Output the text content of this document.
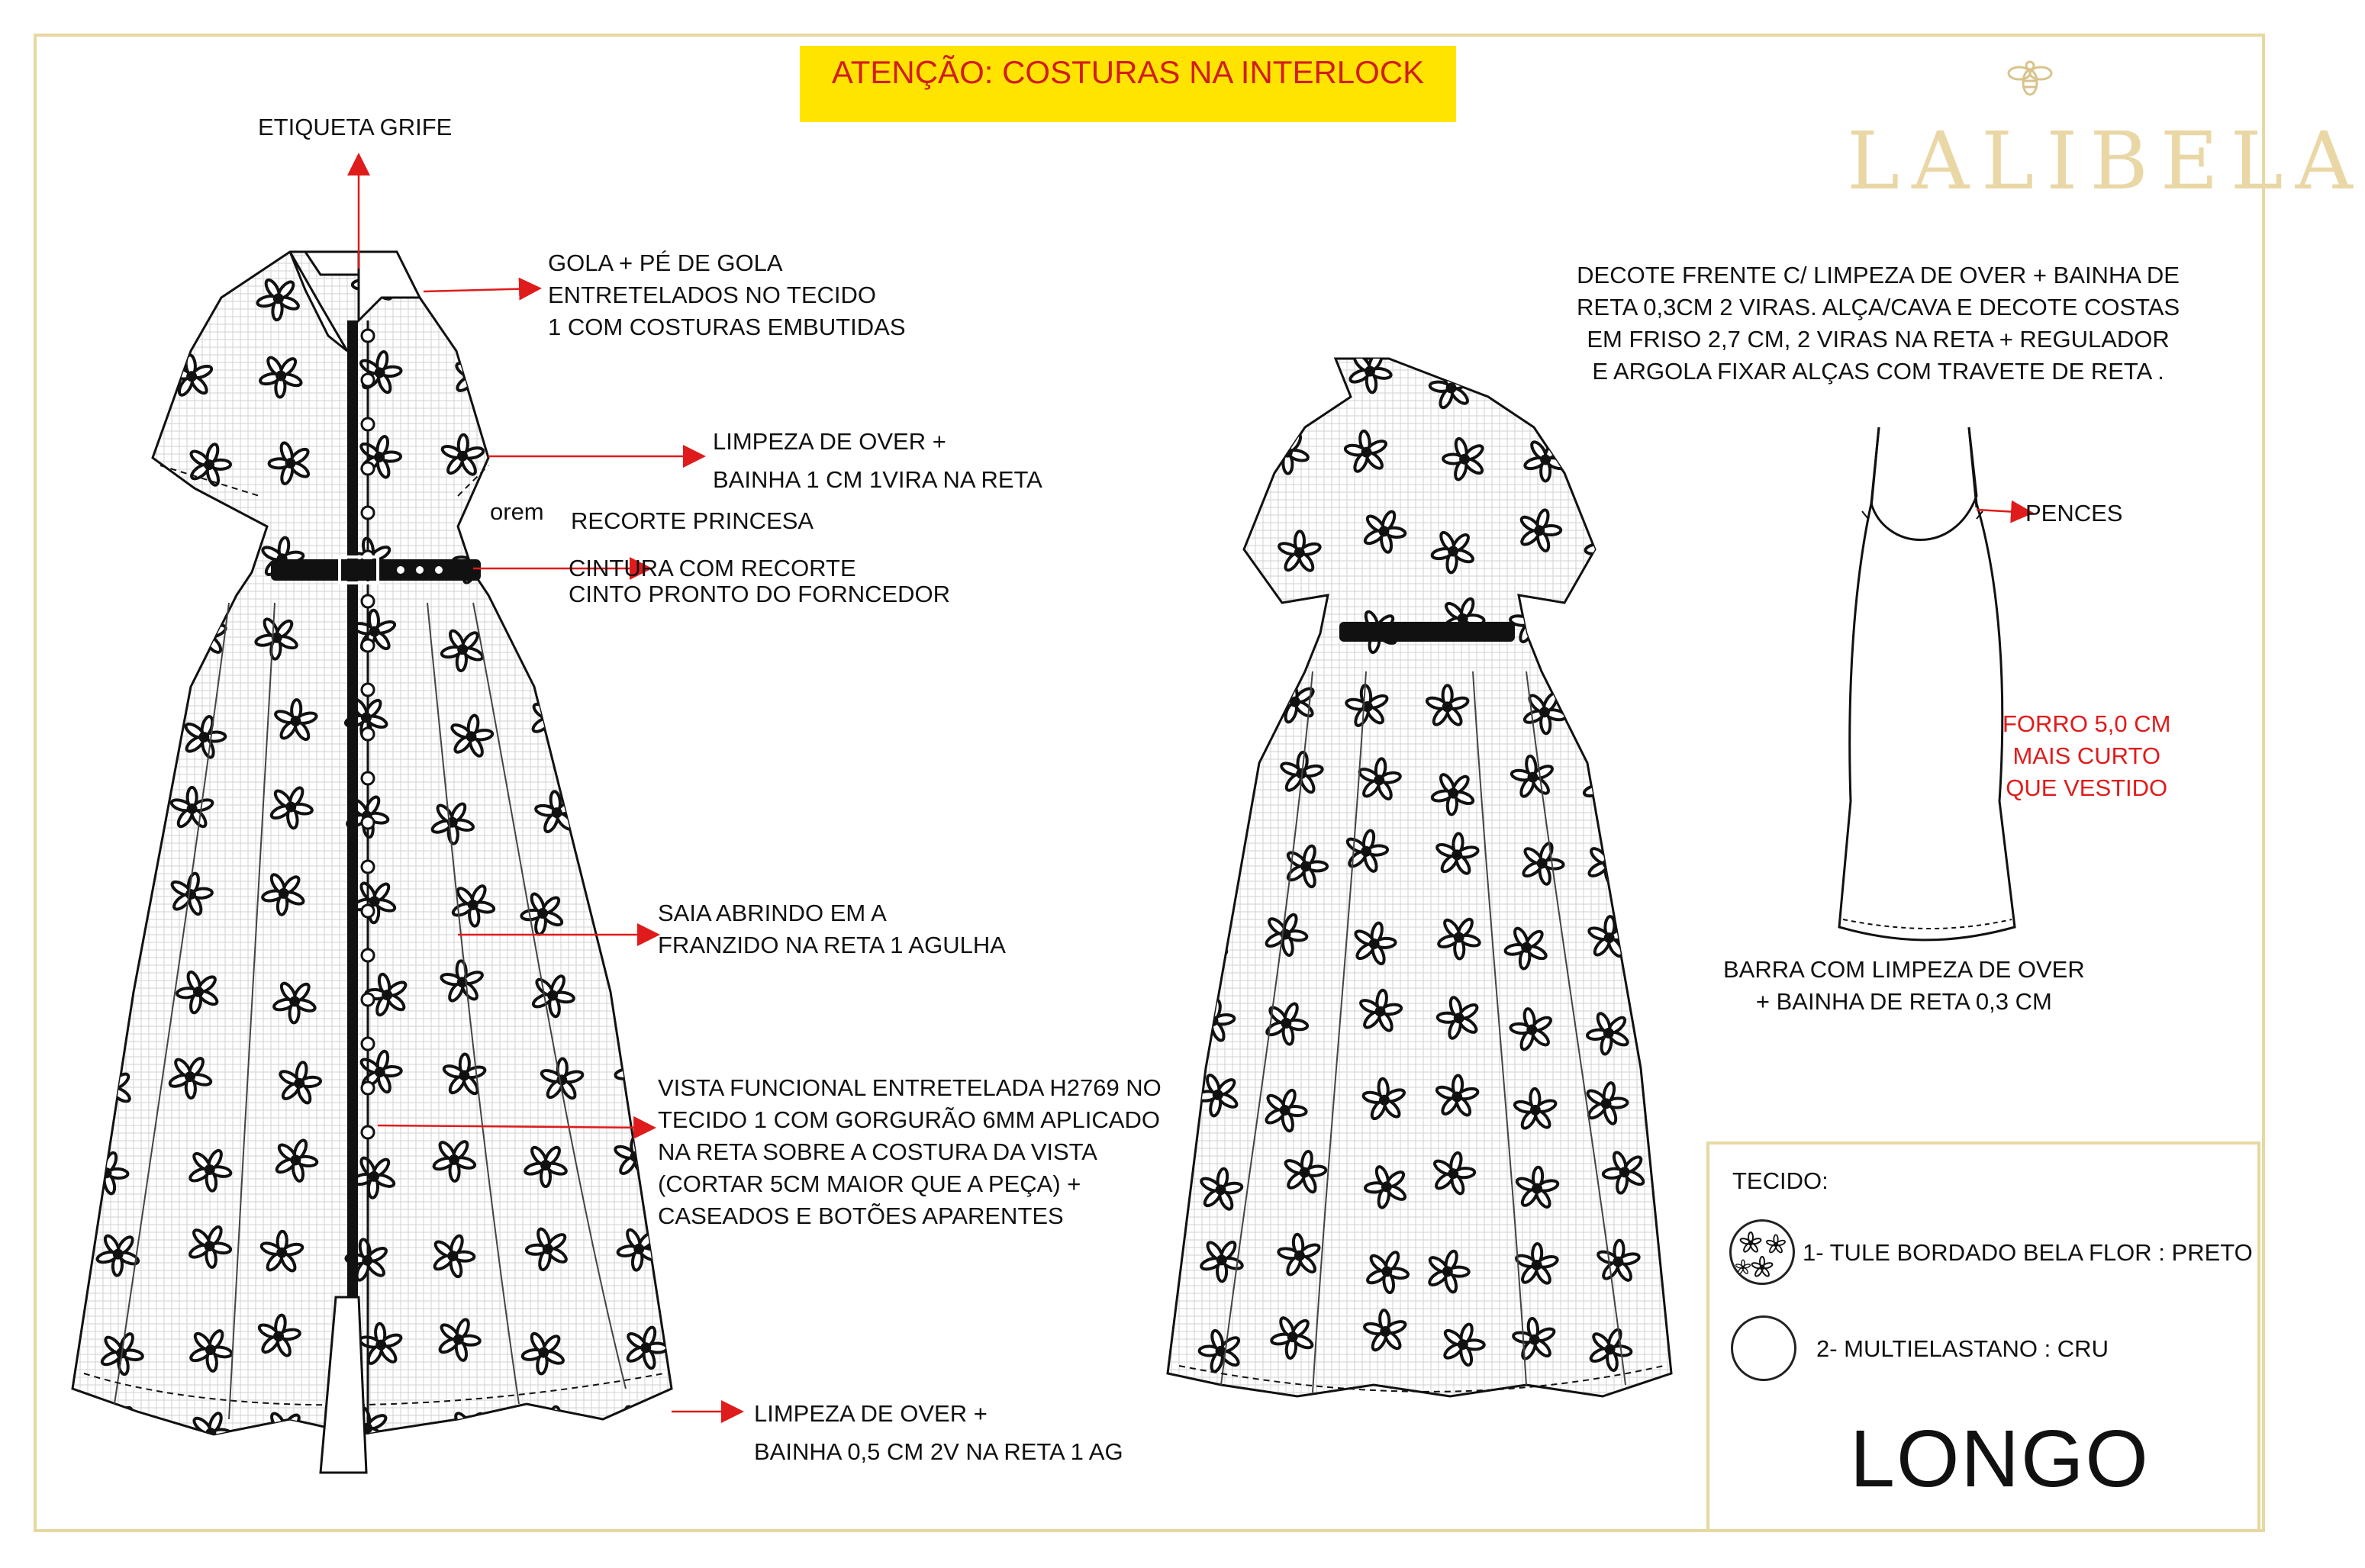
ATENÇÃO: COSTURAS NA INTERLOCK
LALIBELA
ETIQUETA GRIFE
GOLA + PÉ DE GOLA
ENTRETELADOS NO TECIDO
1 COM COSTURAS EMBUTIDAS
LIMPEZA DE OVER +
BAINHA 1 CM 1VIRA NA RETA
orem RECORTE PRINCESA
CINTURA COM RECORTE
CINTO PRONTO DO FORNCEDOR
SAIA ABRINDO EM A
FRANZIDO NA RETA 1 AGULHA
VISTA FUNCIONAL ENTRETELADA H2769 NO
TECIDO 1 COM GORGURÃO 6MM APLICADO
NA RETA SOBRE A COSTURA DA VISTA
(CORTAR 5CM MAIOR QUE A PEÇA) +
CASEADOS E BOTÕES APARENTES
LIMPEZA DE OVER +
BAINHA 0,5 CM 2V NA RETA 1 AG
DECOTE FRENTE C/ LIMPEZA DE OVER + BAINHA DE
RETA 0,3CM 2 VIRAS. ALÇA/CAVA E DECOTE COSTAS
EM FRISO 2,7 CM, 2 VIRAS NA RETA + REGULADOR
E ARGOLA FIXAR ALÇAS COM TRAVETE DE RETA .
PENCES
FORRO 5,0 CM
MAIS CURTO
QUE VESTIDO
BARRA COM LIMPEZA DE OVER
+ BAINHA DE RETA 0,3 CM
TECIDO:
1- TULE BORDADO BELA FLOR : PRETO
2- MULTIELASTANO : CRU
LONGO
